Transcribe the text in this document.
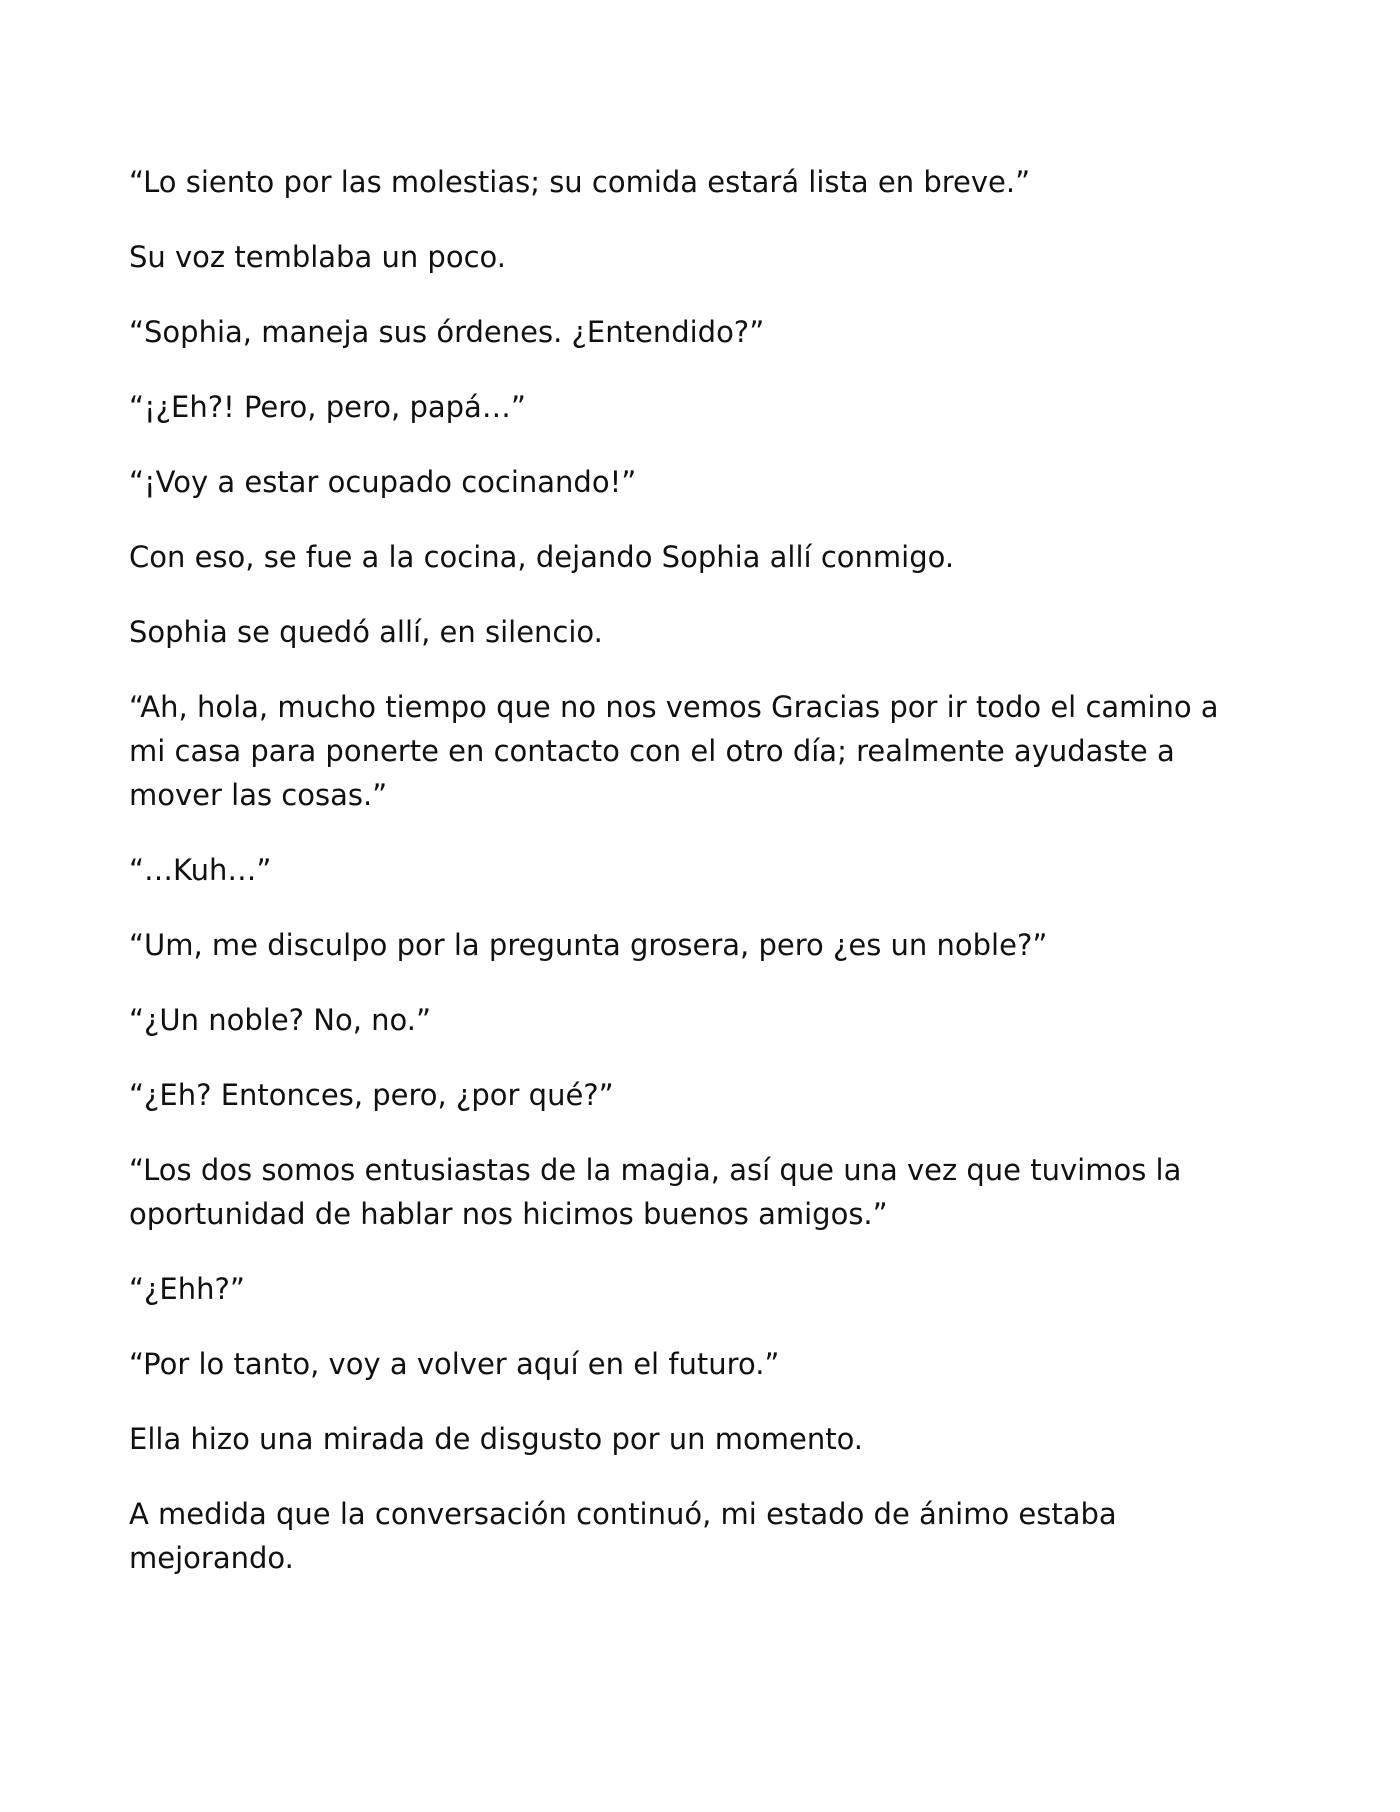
“Lo siento por las molestias; su comida estará lista en breve.”

Su voz temblaba un poco.

“Sophia, maneja sus órdenes. ¿Entendido?”

“¡¿Eh?! Pero, pero, papá…”

“¡Voy a estar ocupado cocinando!”

Con eso, se fue a la cocina, dejando Sophia allí conmigo.

Sophia se quedó allí, en silencio.

“Ah, hola, mucho tiempo que no nos vemos Gracias por ir todo el camino a mi casa para ponerte en contacto con el otro día; realmente ayudaste a mover las cosas.”

“…Kuh…”

“Um, me disculpo por la pregunta grosera, pero ¿es un noble?”

“¿Un noble? No, no.”

“¿Eh? Entonces, pero, ¿por qué?”

“Los dos somos entusiastas de la magia, así que una vez que tuvimos la oportunidad de hablar nos hicimos buenos amigos.”

“¿Ehh?”

“Por lo tanto, voy a volver aquí en el futuro.”

Ella hizo una mirada de disgusto por un momento.

A medida que la conversación continuó, mi estado de ánimo estaba mejorando.
